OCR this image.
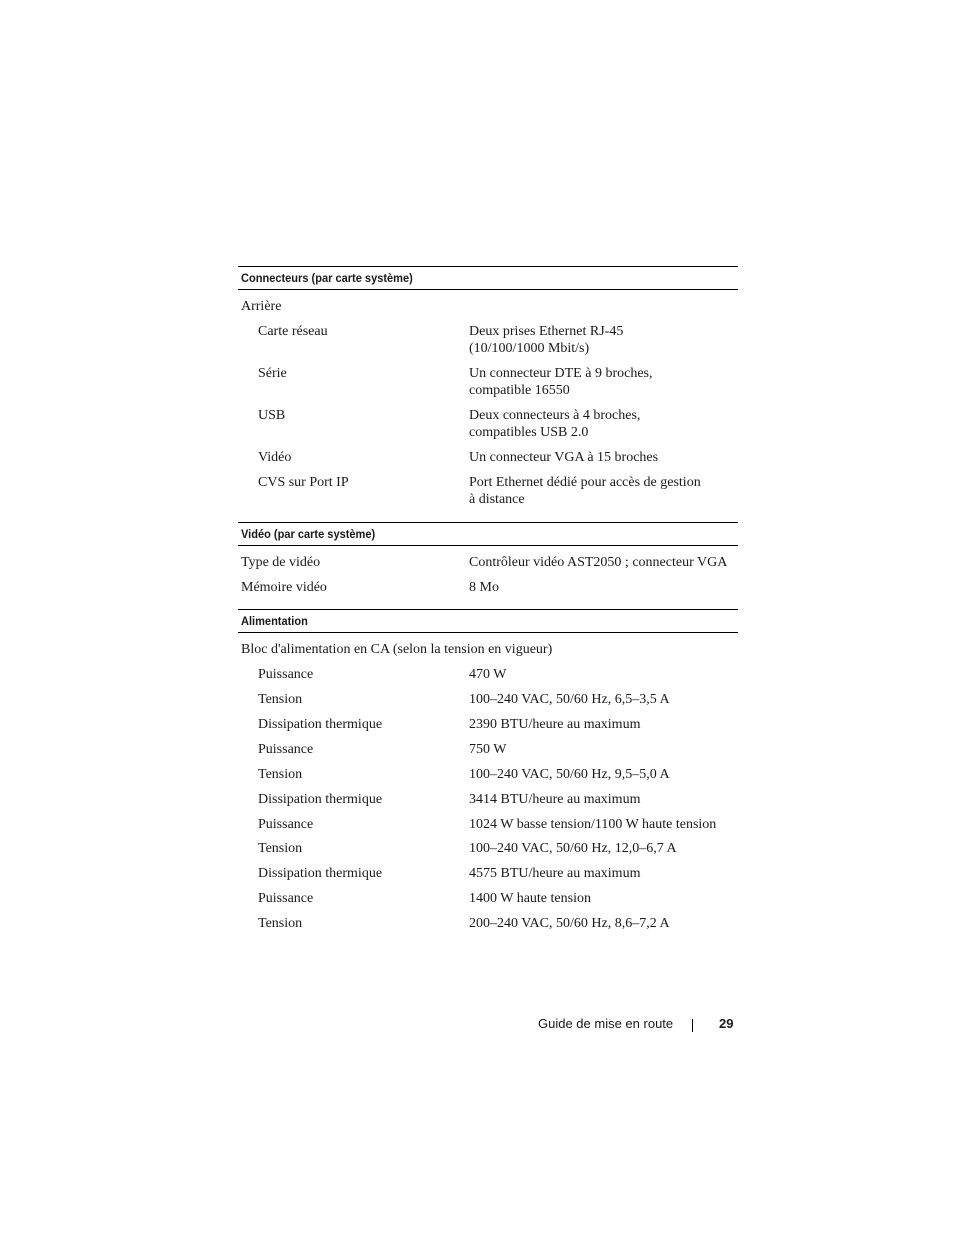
Connecteurs (par carte système)
Arrière
Carte réseau	Deux prises Ethernet RJ-45
(10/100/1000 Mbit/s)
Série	Un connecteur DTE à 9 broches,
compatible 16550
USB	Deux connecteurs à 4 broches,
compatibles USB 2.0
Vidéo	Un connecteur VGA à 15 broches
CVS sur Port IP	Port Ethernet dédié pour accès de gestion
à distance
Vidéo (par carte système)
Type de vidéo	Contrôleur vidéo AST2050 ; connecteur VGA
Mémoire vidéo	8 Mo
Alimentation
Bloc d'alimentation en CA (selon la tension en vigueur)
Puissance	470 W
Tension	100–240 VAC, 50/60 Hz, 6,5–3,5 A
Dissipation thermique	2390 BTU/heure au maximum
Puissance	750 W
Tension	100–240 VAC, 50/60 Hz, 9,5–5,0 A
Dissipation thermique	3414 BTU/heure au maximum
Puissance	1024 W basse tension/1100 W haute tension
Tension	100–240 VAC, 50/60 Hz, 12,0–6,7 A
Dissipation thermique	4575 BTU/heure au maximum
Puissance	1400 W haute tension
Tension	200–240 VAC, 50/60 Hz, 8,6–7,2 A
Guide de mise en route	29
